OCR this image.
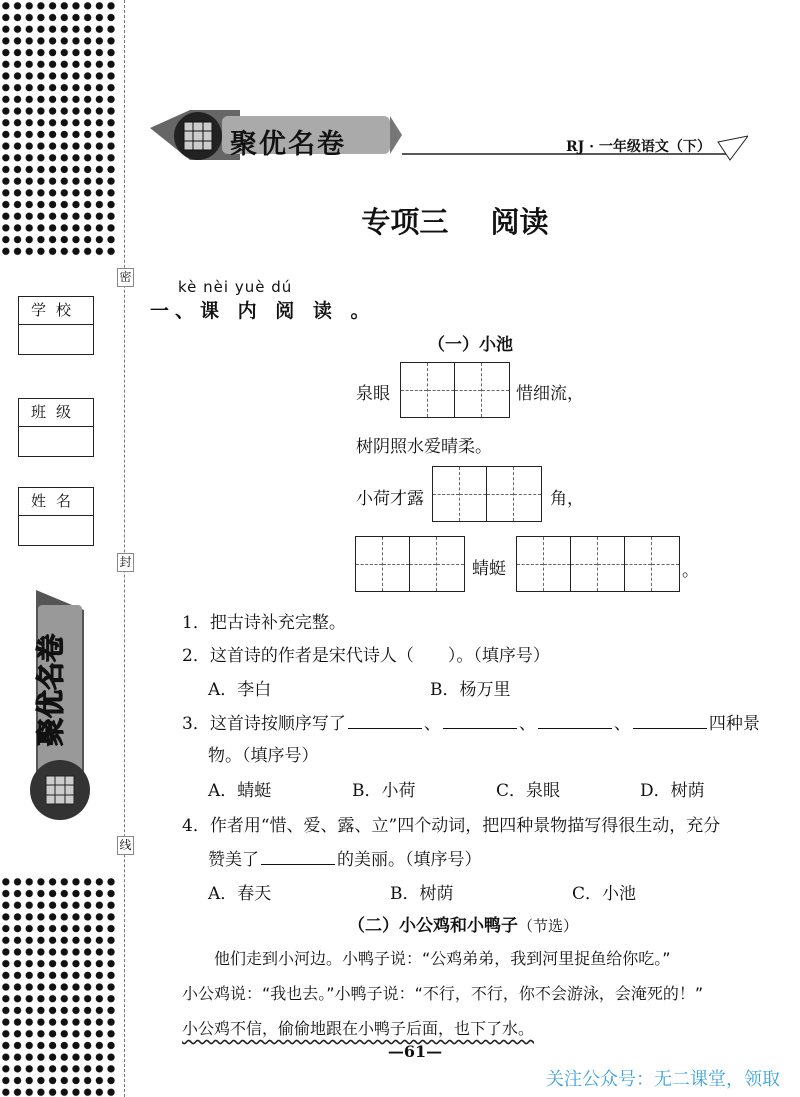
密
封
线
学校
班级
姓名
聚优名卷
聚优名卷	RJ · 一年级语文（下）
专项三 阅读
kè nèi yuè dú
一、课 内 阅 读 。
（一）小池
泉眼	惜细流，
树阴照水爱晴柔。
小荷才露	角，
蜻蜓	。
1．把古诗补充完整。
2．这首诗的作者是宋代诗人（　　）。（填序号）
A．李白	B．杨万里
3．这首诗按顺序写了	、	、	、	四种景
物。（填序号）
A．蜻蜓	B．小荷	C．泉眼	D．树荫
4．作者用“惜、爱、露、立”四个动词，把四种景物描写得很生动，充分
赞美了	的美丽。（填序号）
A．春天	B．树荫	C．小池
（二）小公鸡和小鸭子（节选）
他们走到小河边。小鸭子说：“公鸡弟弟，我到河里捉鱼给你吃。”
小公鸡说：“我也去。”小鸭子说：“不行，不行，你不会游泳，会淹死的！”
小公鸡不信，偷偷地跟在小鸭子后面，也下了水。
—61—
关注公众号：无二课堂，领取
